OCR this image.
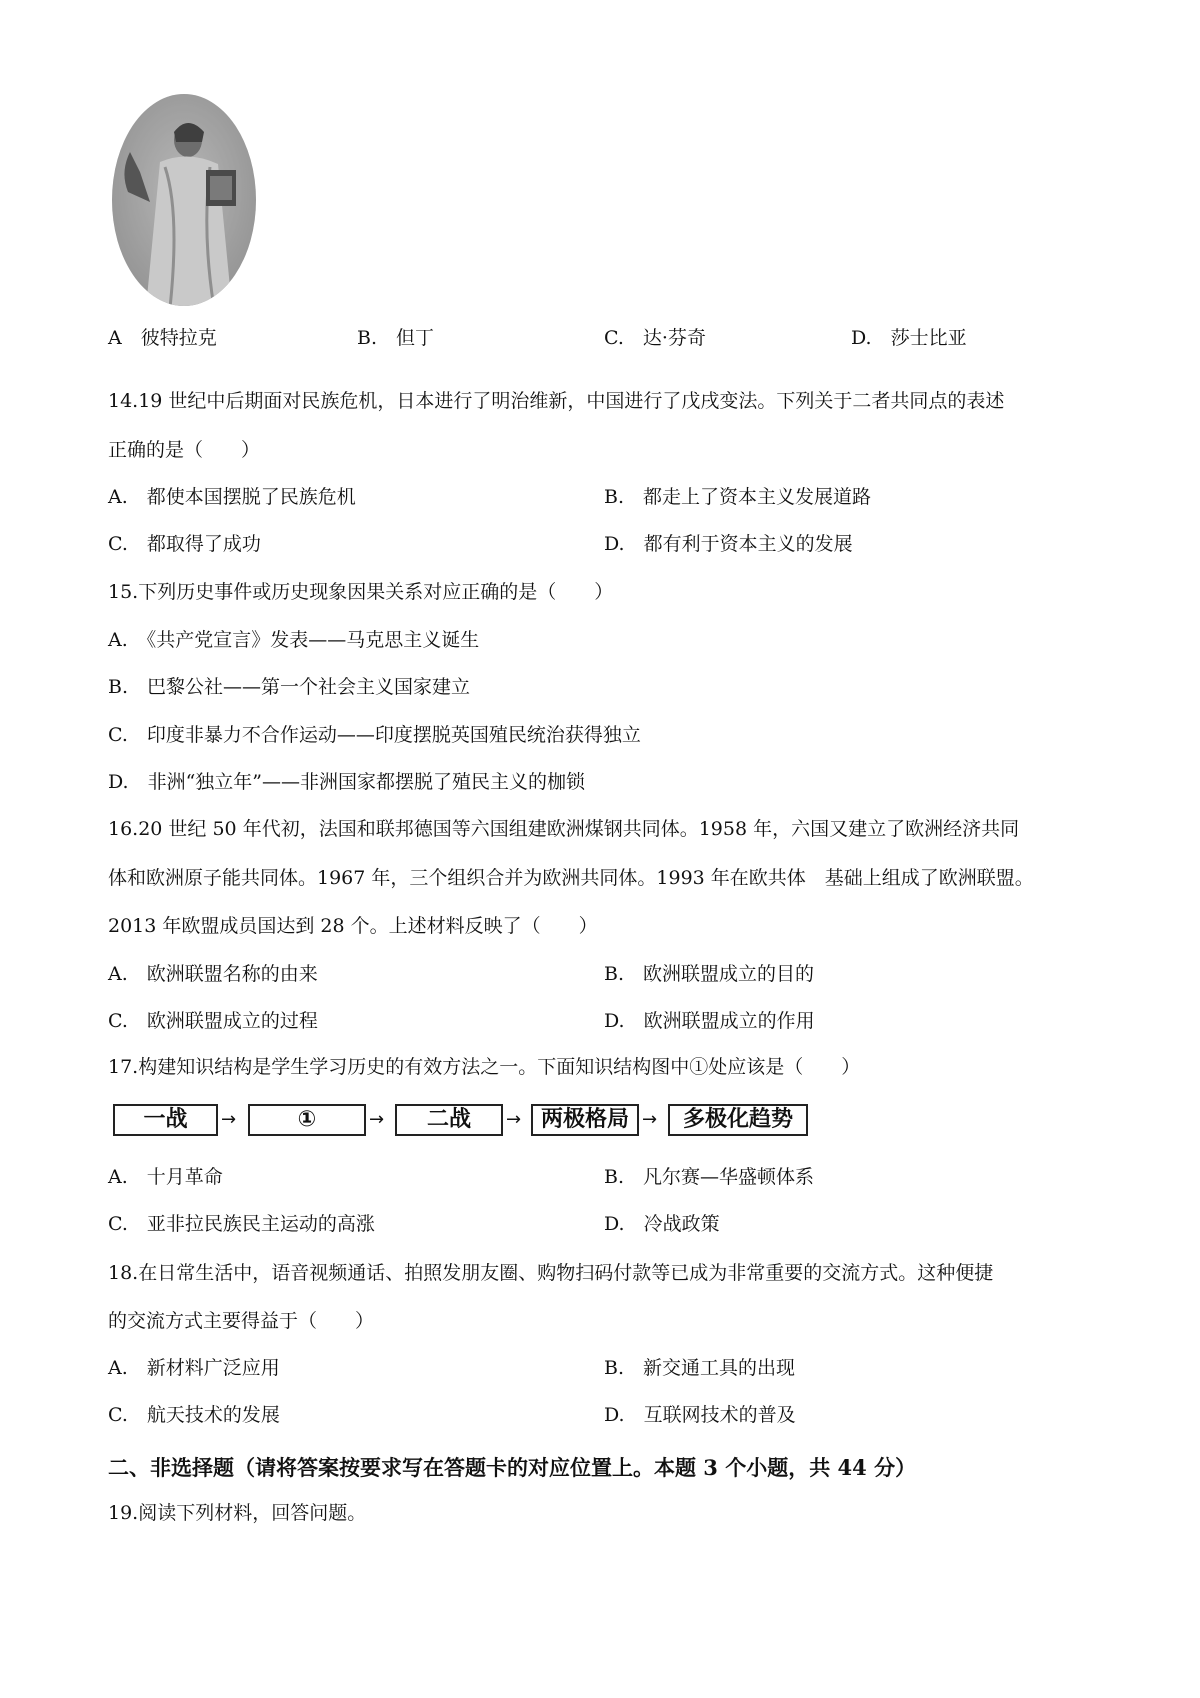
A　彼特拉克	B.　但丁	C.　达·芬奇	D.　莎士比亚
14.19 世纪中后期面对民族危机，日本进行了明治维新，中国进行了戊戌变法。下列关于二者共同点的表述
正确的是（　　）
A.　都使本国摆脱了民族危机	B.　都走上了资本主义发展道路
C.　都取得了成功	D.　都有利于资本主义的发展
15.下列历史事件或历史现象因果关系对应正确的是（　　）
A.　《共产党宣言》发表——马克思主义诞生
B.　巴黎公社——第一个社会主义国家建立
C.　印度非暴力不合作运动——印度摆脱英国殖民统治获得独立
D.　非洲“独立年”——非洲国家都摆脱了殖民主义的枷锁
16.20 世纪 50 年代初，法国和联邦德国等六国组建欧洲煤钢共同体。1958 年，六国又建立了欧洲经济共同
体和欧洲原子能共同体。1967 年，三个组织合并为欧洲共同体。1993 年在欧共体　基础上组成了欧洲联盟。
2013 年欧盟成员国达到 28 个。上述材料反映了（　　）
A.　欧洲联盟名称的由来	B.　欧洲联盟成立的目的
C.　欧洲联盟成立的过程	D.　欧洲联盟成立的作用
17.构建知识结构是学生学习历史的有效方法之一。下面知识结构图中①处应该是（　　）
一战	→	①	→	二战	→ 两极格局 →	多极化趋势
A.　十月革命	B.　凡尔赛—华盛顿体系
C.　亚非拉民族民主运动的高涨	D.　冷战政策
18.在日常生活中，语音视频通话、拍照发朋友圈、购物扫码付款等已成为非常重要的交流方式。这种便捷
的交流方式主要得益于（　　）
A.　新材料广泛应用	B.　新交通工具的出现
C.　航天技术的发展	D.　互联网技术的普及
二、非选择题（请将答案按要求写在答题卡的对应位置上。本题 3 个小题，共 44 分）
19.阅读下列材料，回答问题。
